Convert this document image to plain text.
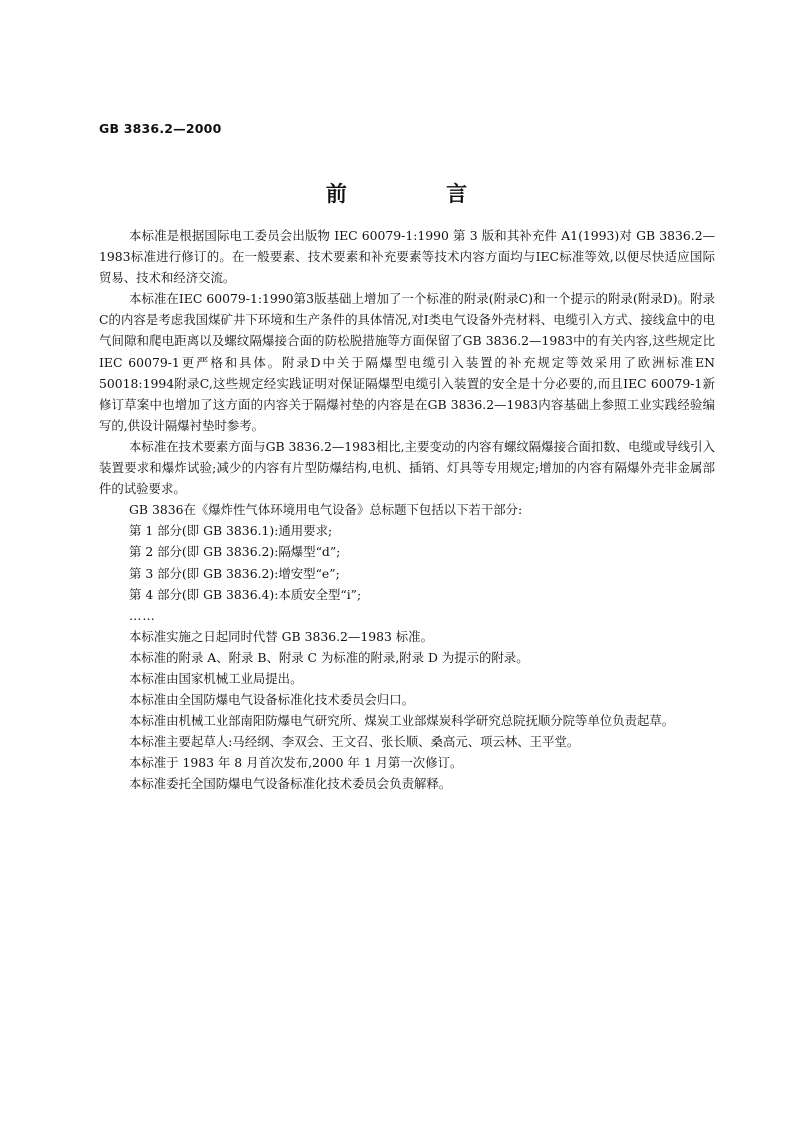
GB 3836.2—2000
前 言

本标准是根据国际电工委员会出版物 IEC 60079-1:1990 第 3 版和其补充件 A1(1993)对 GB 3836.2—1983标准进行修订的。在一般要素、技术要素和补充要素等技术内容方面均与IEC标准等效,以便尽快适应国际贸易、技术和经济交流。

本标准在IEC 60079-1:1990第3版基础上增加了一个标准的附录(附录C)和一个提示的附录(附录D)。附录C的内容是考虑我国煤矿井下环境和生产条件的具体情况,对Ⅰ类电气设备外壳材料、电缆引入方式、接线盒中的电气间隙和爬电距离以及螺纹隔爆接合面的防松脱措施等方面保留了GB 3836.2—1983中的有关内容,这些规定比IEC 60079-1更严格和具体。附录D中关于隔爆型电缆引入装置的补充规定等效采用了欧洲标准EN 50018:1994附录C,这些规定经实践证明对保证隔爆型电缆引入装置的安全是十分必要的,而且IEC 60079-1新修订草案中也增加了这方面的内容关于隔爆衬垫的内容是在GB 3836.2—1983内容基础上参照工业实践经验编写的,供设计隔爆衬垫时参考。

本标准在技术要素方面与GB 3836.2—1983相比,主要变动的内容有螺纹隔爆接合面扣数、电缆或导线引入装置要求和爆炸试验;减少的内容有片型防爆结构,电机、插销、灯具等专用规定;增加的内容有隔爆外壳非金属部件的试验要求。

GB 3836在《爆炸性气体环境用电气设备》总标题下包括以下若干部分:

第 1 部分(即 GB 3836.1):通用要求;

第 2 部分(即 GB 3836.2):隔爆型“d”;

第 3 部分(即 GB 3836.2):增安型“e”;

第 4 部分(即 GB 3836.4):本质安全型“i”;

……

本标准实施之日起同时代替 GB 3836.2—1983 标准。

本标准的附录 A、附录 B、附录 C 为标准的附录,附录 D 为提示的附录。

本标准由国家机械工业局提出。

本标准由全国防爆电气设备标准化技术委员会归口。

本标准由机械工业部南阳防爆电气研究所、煤炭工业部煤炭科学研究总院抚顺分院等单位负责起草。

本标准主要起草人:马经纲、李双会、王文召、张长顺、桑高元、项云林、王平堂。

本标准于 1983 年 8 月首次发布,2000 年 1 月第一次修订。

本标准委托全国防爆电气设备标准化技术委员会负责解释。
